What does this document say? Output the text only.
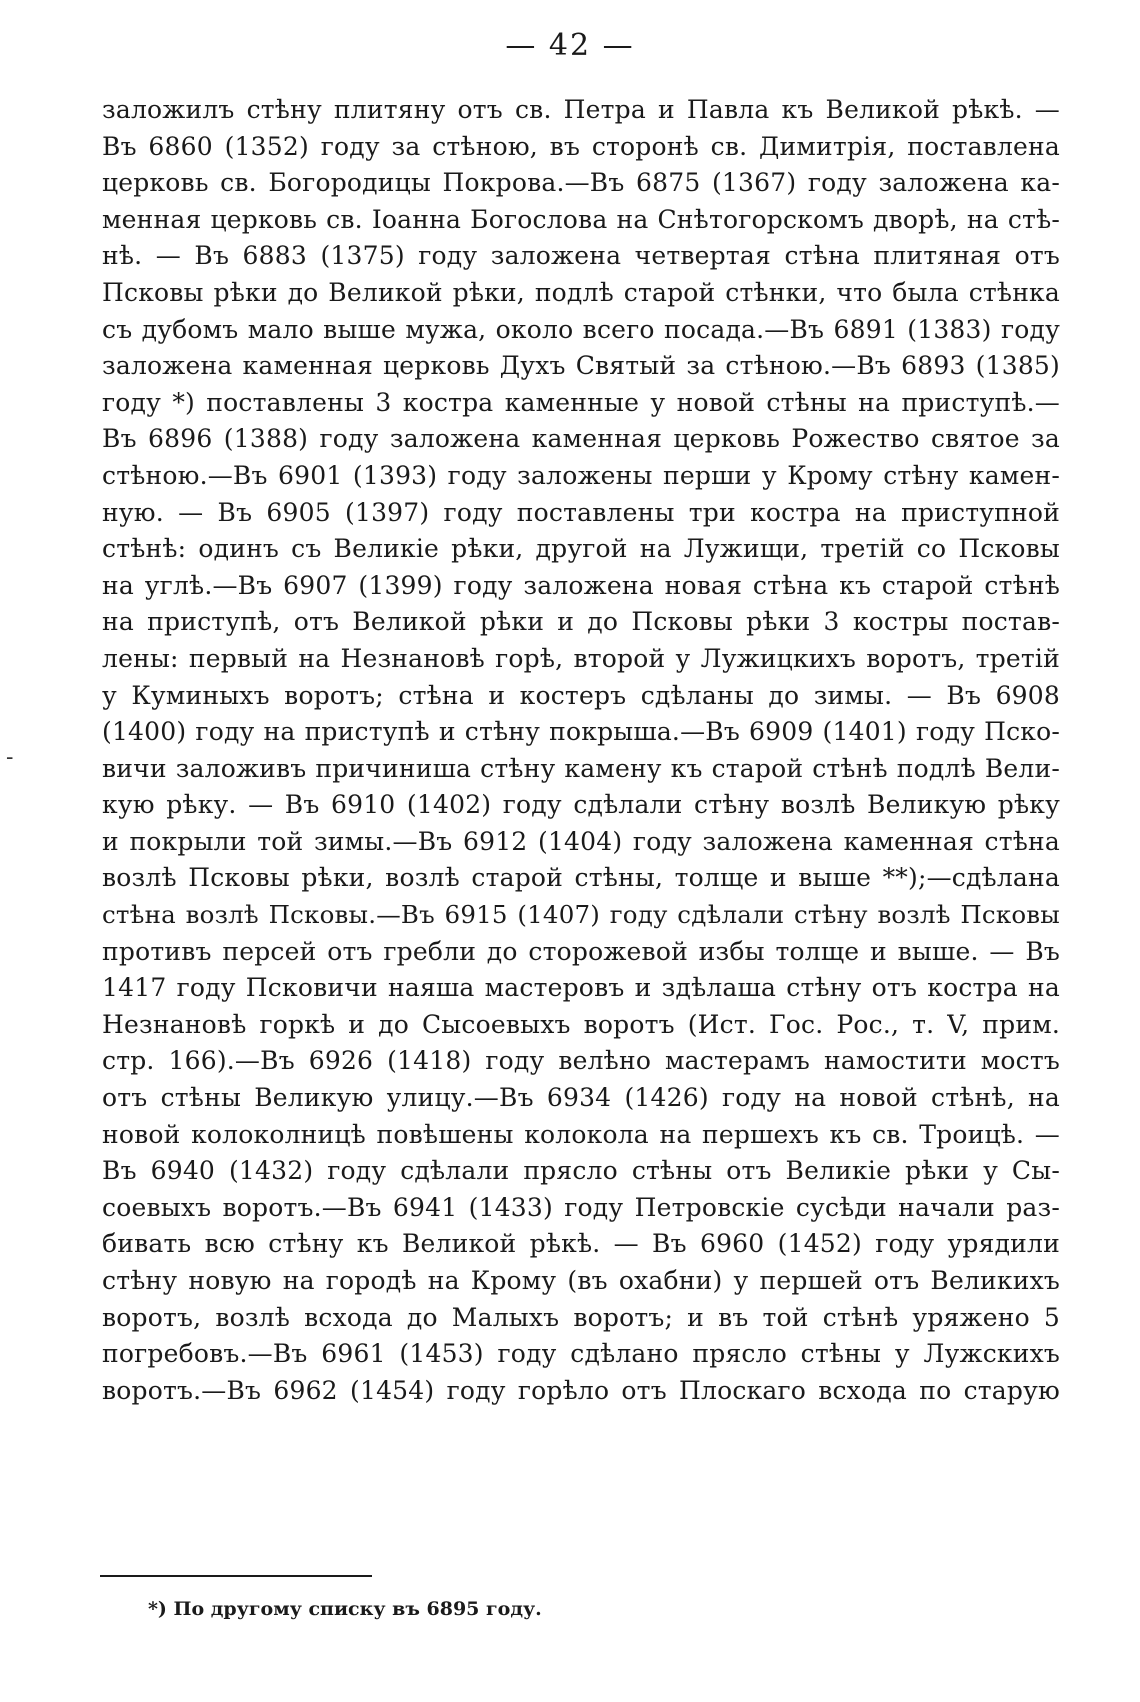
— 42 —
-
заложилъ стѣну плитяну отъ св. Петра и Павла къ Великой рѣкѣ. —
Въ 6860 (1352) году за стѣною, въ сторонѣ св. Димитрія, поставлена
церковь св. Богородицы Покрова.—Въ 6875 (1367) году заложена ка-
менная церковь св. Іоанна Богослова на Снѣтогорскомъ дворѣ, на стѣ-
нѣ. — Въ 6883 (1375) году заложена четвертая стѣна плитяная отъ
Псковы рѣки до Великой рѣки, подлѣ старой стѣнки, что была стѣнка
съ дубомъ мало выше мужа, около всего посада.—Въ 6891 (1383) году
заложена каменная церковь Духъ Святый за стѣною.—Въ 6893 (1385)
году *) поставлены 3 костра каменные у новой стѣны на приступѣ.—
Въ 6896 (1388) году заложена каменная церковь Рожество святое за
стѣною.—Въ 6901 (1393) году заложены перши у Крому стѣну камен-
ную. — Въ 6905 (1397) году поставлены три костра на приступной
стѣнѣ: одинъ съ Великіе рѣки, другой на Лужищи, третій со Псковы
на углѣ.—Въ 6907 (1399) году заложена новая стѣна къ старой стѣнѣ
на приступѣ, отъ Великой рѣки и до Псковы рѣки 3 костры постав-
лены: первый на Незнановѣ горѣ, второй у Лужицкихъ воротъ, третій
у Куминыхъ воротъ; стѣна и костеръ сдѣланы до зимы. — Въ 6908
(1400) году на приступѣ и стѣну покрыша.—Въ 6909 (1401) году Пско-
вичи заложивъ причиниша стѣну камену къ старой стѣнѣ подлѣ Вели-
кую рѣку. — Въ 6910 (1402) году сдѣлали стѣну возлѣ Великую рѣку
и покрыли той зимы.—Въ 6912 (1404) году заложена каменная стѣна
возлѣ Псковы рѣки, возлѣ старой стѣны, толще и выше **);—сдѣлана
стѣна возлѣ Псковы.—Въ 6915 (1407) году сдѣлали стѣну возлѣ Псковы
противъ персей отъ гребли до сторожевой избы толще и выше. — Въ
1417 году Псковичи наяша мастеровъ и здѣлаша стѣну отъ костра на
Незнановѣ горкѣ и до Сысоевыхъ воротъ (Ист. Гос. Рос., т. V, прим.
стр. 166).—Въ 6926 (1418) году велѣно мастерамъ намостити мостъ
отъ стѣны Великую улицу.—Въ 6934 (1426) году на новой стѣнѣ, на
новой колоколницѣ повѣшены колокола на першехъ къ св. Троицѣ. —
Въ 6940 (1432) году сдѣлали прясло стѣны отъ Великіе рѣки у Сы-
соевыхъ воротъ.—Въ 6941 (1433) году Петровскіе сусѣди начали раз-
бивать всю стѣну къ Великой рѣкѣ. — Въ 6960 (1452) году урядили
стѣну новую на городѣ на Крому (въ охабни) у першей отъ Великихъ
воротъ, возлѣ всхода до Малыхъ воротъ; и въ той стѣнѣ уряжено 5
погребовъ.—Въ 6961 (1453) году сдѣлано прясло стѣны у Лужскихъ
воротъ.—Въ 6962 (1454) году горѣло отъ Плоскаго всхода по старую
*) По другому списку въ 6895 году.
